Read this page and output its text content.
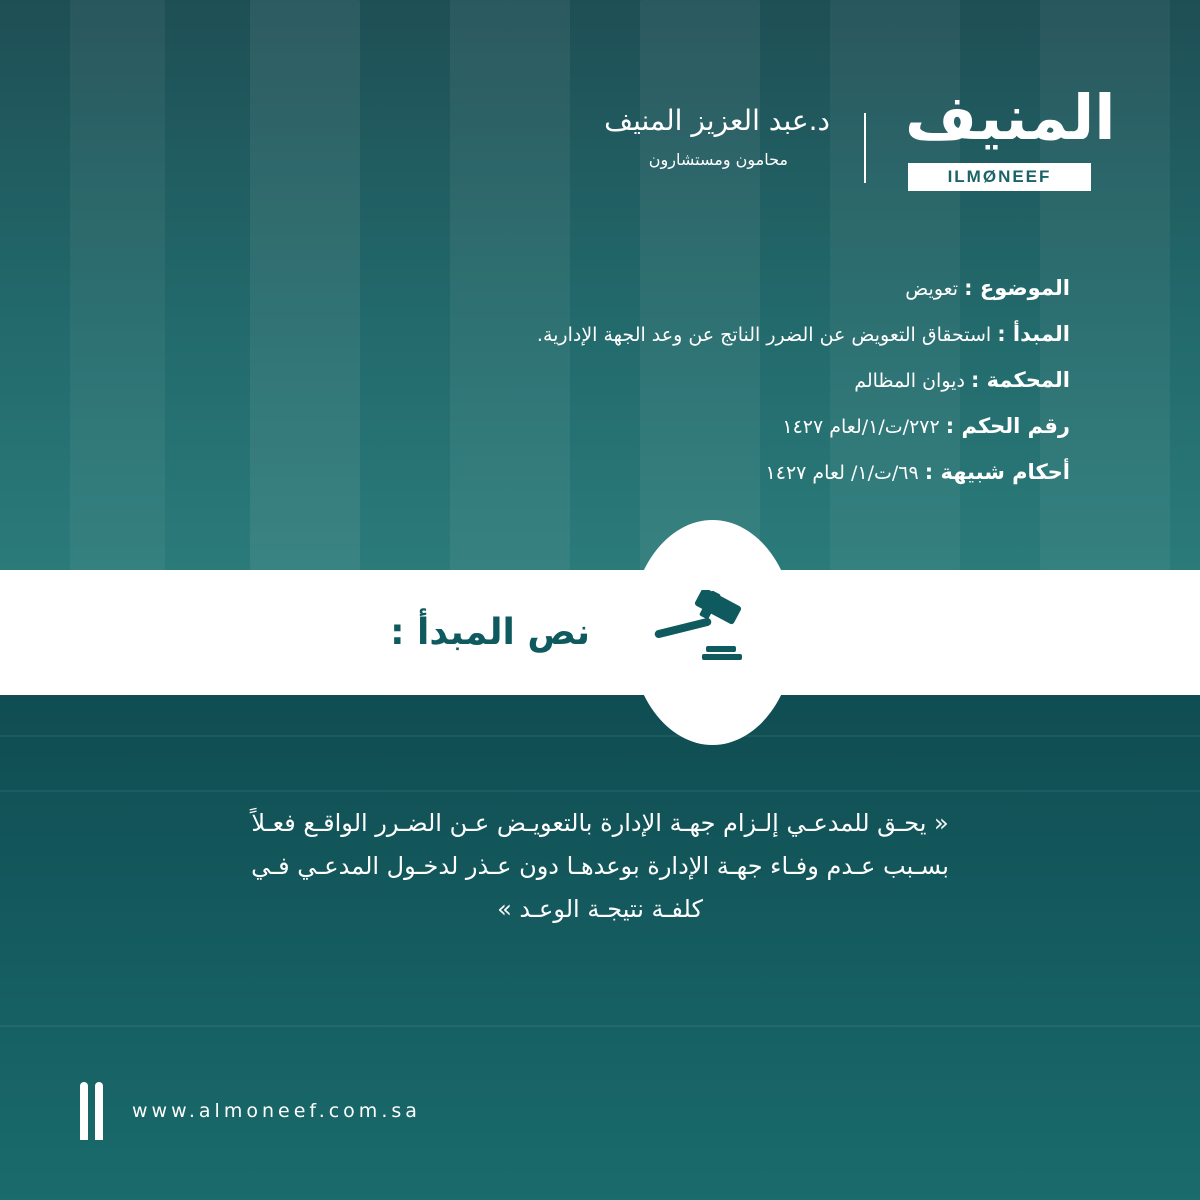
المنيف
ILMØNEEF
د.عبد العزيز المنيف
محامون ومستشارون
الموضوع : تعويض
المبدأ : استحقاق التعويض عن الضرر الناتج عن وعد الجهة الإدارية.
المحكمة : ديوان المظالم
رقم الحكم : ٢٧٢/ت/١/لعام ١٤٢٧
أحكام شبيهة : ٦٩/ت/١/ لعام ١٤٢٧
نص المبدأ :
« يحـق للمدعـي إلـزام جهـة الإدارة بالتعويـض عـن الضـرر الواقـع فعـلاً
بسـبب عـدم وفـاء جهـة الإدارة بوعدهـا دون عـذر لدخـول المدعـي فـي
كلفـة نتيجـة الوعـد »
www.almoneef.com.sa
